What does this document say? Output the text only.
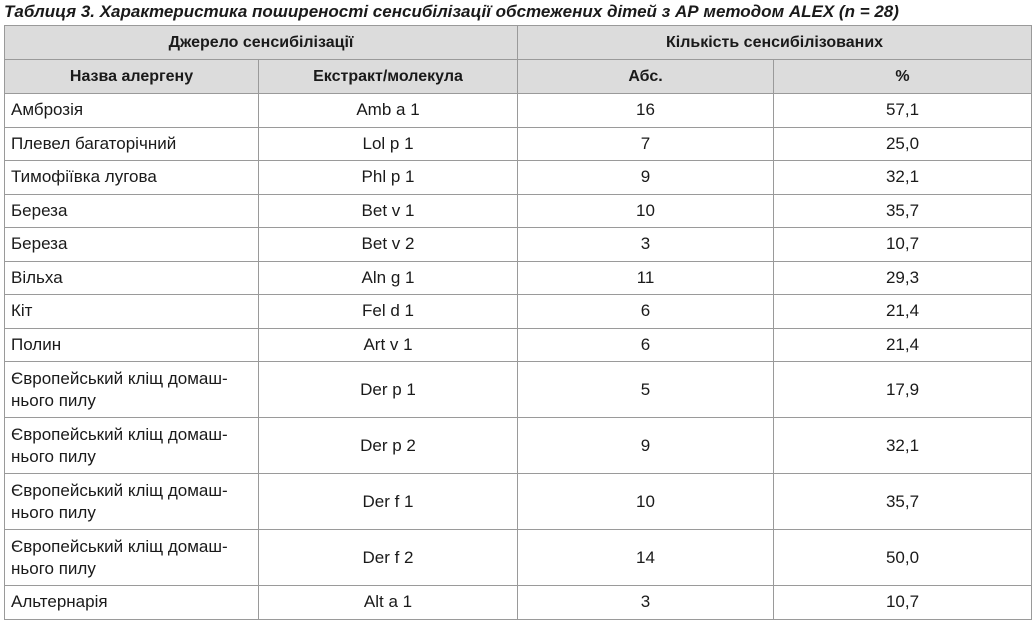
Таблиця 3. Характеристика поширеності сенсибілізації обстежених дітей з АР методом ALEX (n = 28)
Джерело сенсибілізації		Кількість сенсибілізованих	
Назва алергену	Екстракт/молекула	Абс.	%
Амброзія	Amb a 1	16	57,1
Плевел багаторічний	Lol p 1	7	25,0
Тимофіївка лугова	Phl p 1	9	32,1
Береза	Bet v 1	10	35,7
Береза	Bet v 2	3	10,7
Вільха	Aln g 1	11	29,3
Кіт	Fel d 1	6	21,4
Полин	Art v 1	6	21,4
Європейський кліщ домаш-
нього пилу	Der p 1	5	17,9
Європейський кліщ домаш-
нього пилу	Der p 2	9	32,1
Європейський кліщ домаш-
нього пилу	Der f 1	10	35,7
Європейський кліщ домаш-
нього пилу	Der f 2	14	50,0
Альтернарія	Alt a 1	3	10,7
